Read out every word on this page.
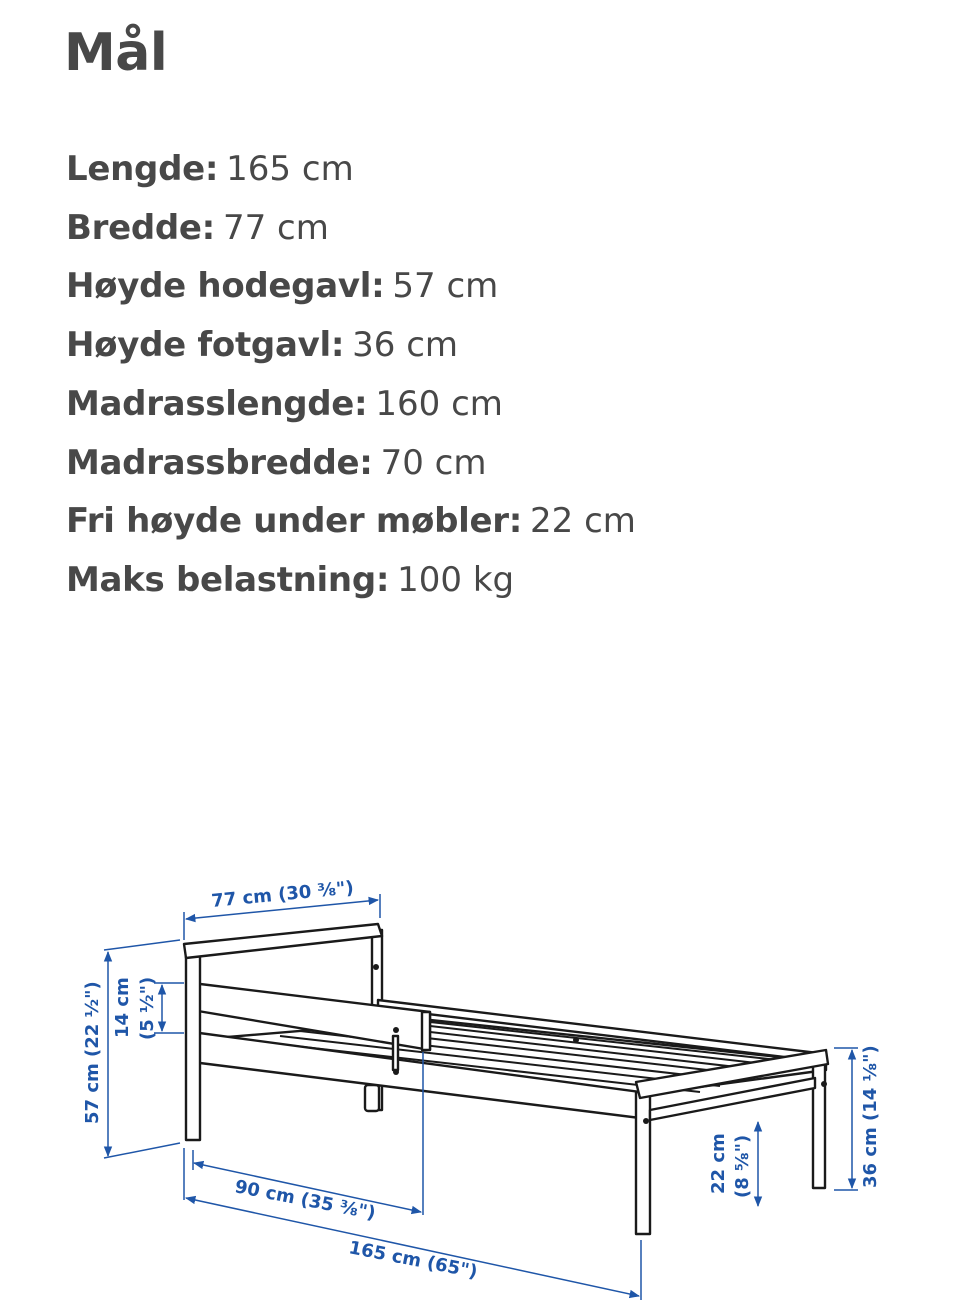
Mål
Lengde: 165 cm
Bredde: 77 cm
Høyde hodegavl: 57 cm
Høyde fotgavl: 36 cm
Madrasslengde: 160 cm
Madrassbredde: 70 cm
Fri høyde under møbler: 22 cm
Maks belastning: 100 kg
77 cm (30 ⅜")
57 cm (22 ½") 14 cm (5 ½")
90 cm (35 ⅜")
165 cm (65")
22 cm (8 ⅝")	36 cm (14 ⅛")
